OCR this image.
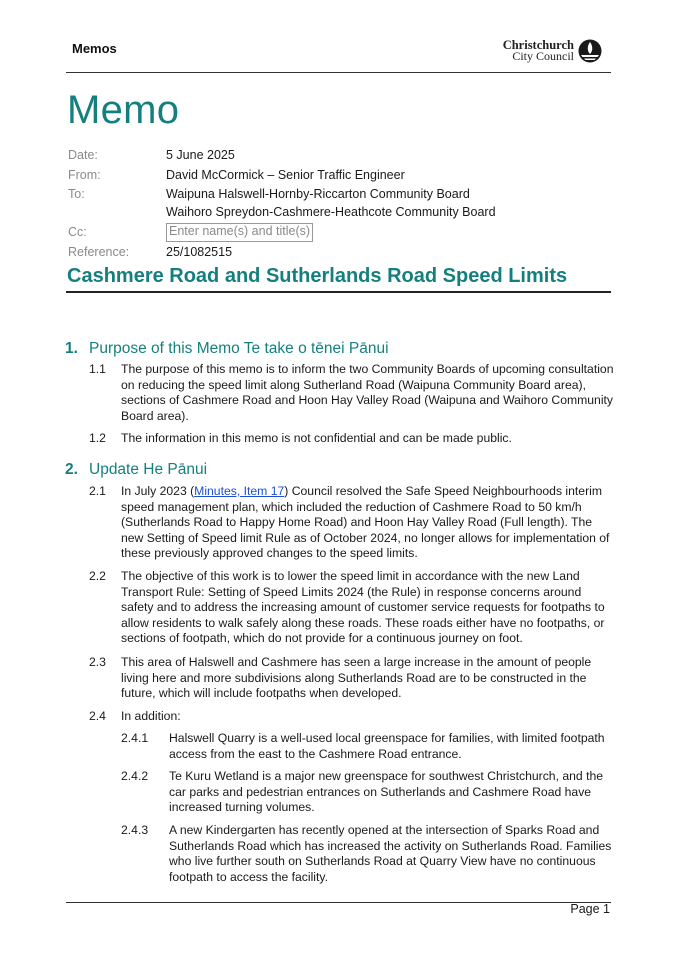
Memos	Christchurch
City Council
Memo
Date:	5 June 2025
From:	David McCormick – Senior Traffic Engineer
To:	Waipuna Halswell-Hornby-Riccarton Community Board
Waihoro Spreydon-Cashmere-Heathcote Community Board
Cc:	Enter name(s) and title(s)
Reference:	25/1082515
Cashmere Road and Sutherlands Road Speed Limits
1. Purpose of this Memo Te take o tēnei Pānui
1.1	The purpose of this memo is to inform the two Community Boards of upcoming consultation on reducing the speed limit along Sutherland Road (Waipuna Community Board area), sections of Cashmere Road and Hoon Hay Valley Road (Waipuna and Waihoro Community Board area).
1.2	The information in this memo is not confidential and can be made public.
2. Update He Pānui
2.1	In July 2023 (Minutes, Item 17) Council resolved the Safe Speed Neighbourhoods interim speed management plan, which included the reduction of Cashmere Road to 50 km/h (Sutherlands Road to Happy Home Road) and Hoon Hay Valley Road (Full length). The new Setting of Speed limit Rule as of October 2024, no longer allows for implementation of these previously approved changes to the speed limits.
2.2	The objective of this work is to lower the speed limit in accordance with the new Land Transport Rule: Setting of Speed Limits 2024 (the Rule) in response concerns around safety and to address the increasing amount of customer service requests for footpaths to allow residents to walk safely along these roads. These roads either have no footpaths, or sections of footpath, which do not provide for a continuous journey on foot.
2.3	This area of Halswell and Cashmere has seen a large increase in the amount of people living here and more subdivisions along Sutherlands Road are to be constructed in the future, which will include footpaths when developed.
2.4	In addition:
2.4.1	Halswell Quarry is a well-used local greenspace for families, with limited footpath access from the east to the Cashmere Road entrance.
2.4.2	Te Kuru Wetland is a major new greenspace for southwest Christchurch, and the car parks and pedestrian entrances on Sutherlands and Cashmere Road have increased turning volumes.
2.4.3	A new Kindergarten has recently opened at the intersection of Sparks Road and Sutherlands Road which has increased the activity on Sutherlands Road. Families who live further south on Sutherlands Road at Quarry View have no continuous footpath to access the facility.
Page 1
